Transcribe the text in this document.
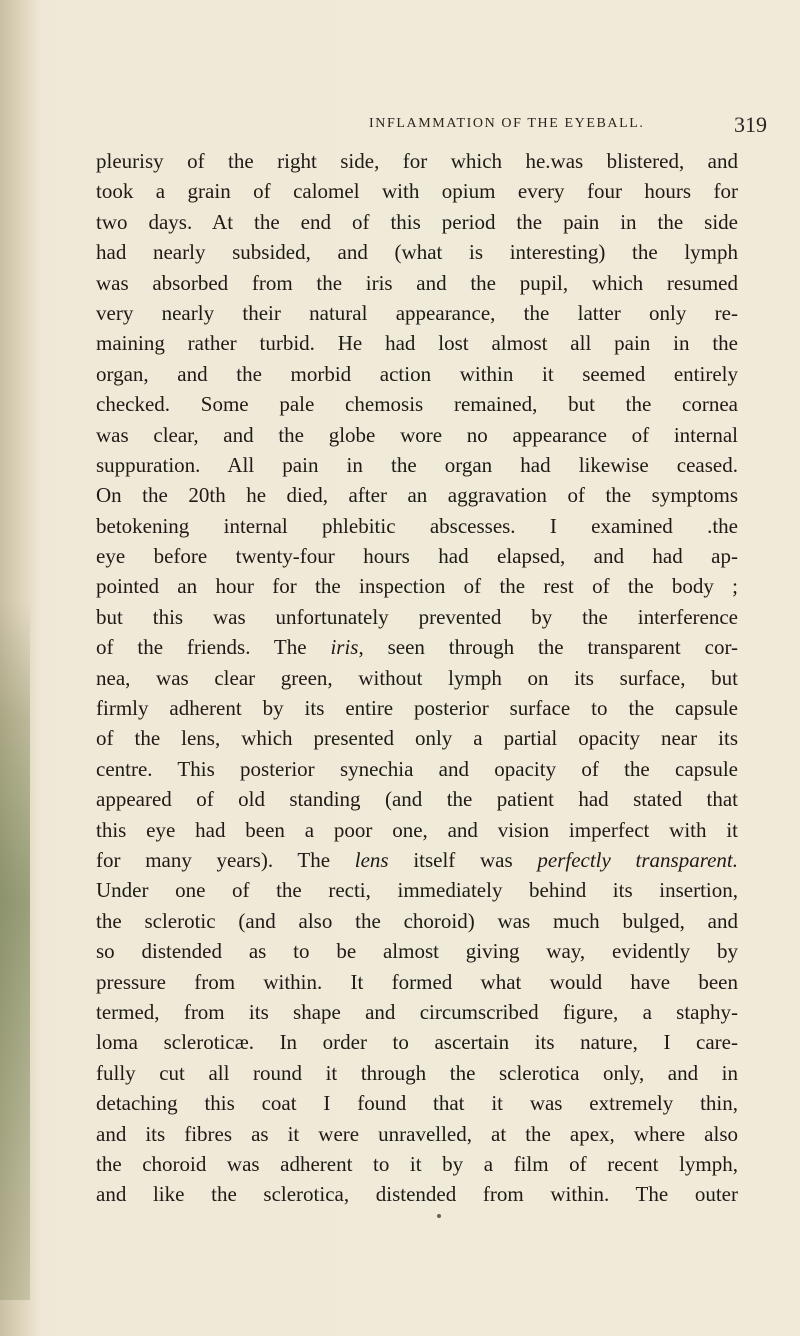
INFLAMMATION OF THE EYEBALL.	319
pleurisy of the right side, for which he.was blistered, and
took a grain of calomel with opium every four hours for
two days. At the end of this period the pain in the side
had nearly subsided, and (what is interesting) the lymph
was absorbed from the iris and the pupil, which resumed
very nearly their natural appearance, the latter only re-
maining rather turbid. He had lost almost all pain in the
organ, and the morbid action within it seemed entirely
checked. Some pale chemosis remained, but the cornea
was clear, and the globe wore no appearance of internal
suppuration. All pain in the organ had likewise ceased.
On the 20th he died, after an aggravation of the symptoms
betokening internal phlebitic abscesses. I examined .the
eye before twenty-four hours had elapsed, and had ap-
pointed an hour for the inspection of the rest of the body ;
but this was unfortunately prevented by the interference
of the friends. The iris, seen through the transparent cor-
nea, was clear green, without lymph on its surface, but
firmly adherent by its entire posterior surface to the capsule
of the lens, which presented only a partial opacity near its
centre. This posterior synechia and opacity of the capsule
appeared of old standing (and the patient had stated that
this eye had been a poor one, and vision imperfect with it
for many years). The lens itself was perfectly transparent.
Under one of the recti, immediately behind its insertion,
the sclerotic (and also the choroid) was much bulged, and
so distended as to be almost giving way, evidently by
pressure from within. It formed what would have been
termed, from its shape and circumscribed figure, a staphy-
loma scleroticæ. In order to ascertain its nature, I care-
fully cut all round it through the sclerotica only, and in
detaching this coat I found that it was extremely thin,
and its fibres as it were unravelled, at the apex, where also
the choroid was adherent to it by a film of recent lymph,
and like the sclerotica, distended from within. The outer
